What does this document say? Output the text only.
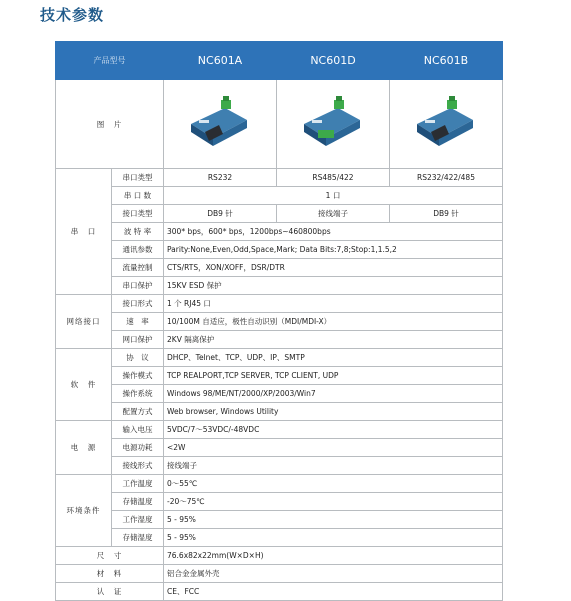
技术参数
产品型号		NC601A	NC601D	NC601B
图　片			
串　口	串口类型	RS232	RS485/422	RS232/422/485
	串 口 数	1 口		
	接口类型	DB9 针	接线端子	DB9 针
	波 特 率	300* bps，600* bps，1200bps~460800bps		
	通讯参数	Parity:None,Even,Odd,Space,Mark; Data Bits:7,8;Stop:1,1.5,2		
	流量控制	CTS/RTS，XON/XOFF，DSR/DTR		
	串口保护	15KV ESD 保护		
网络接口	接口形式	1 个 RJ45 口		
	速　率	10/100M 自适应，极性自动识别（MDI/MDI-X）		
	网口保护	2KV 隔离保护		
软　件	协　议	DHCP、Telnet、TCP、UDP、IP、SMTP		
	操作模式	TCP REALPORT,TCP SERVER, TCP CLIENT, UDP		
	操作系统	Windows 98/ME/NT/2000/XP/2003/Win7		
	配置方式	Web browser, Windows Utility		
电　源	输入电压	5VDC/7～53VDC/-48VDC		
	电源功耗	<2W		
	接线形式	接线端子		
环境条件	工作温度	0～55℃		
	存储温度	-20～75℃		
	工作湿度	5 - 95%		
	存储湿度	5 - 95%		
尺　寸		76.6x82x22mm(W×D×H)		
材　料		铝合金金属外壳		
认　证		CE、FCC		
